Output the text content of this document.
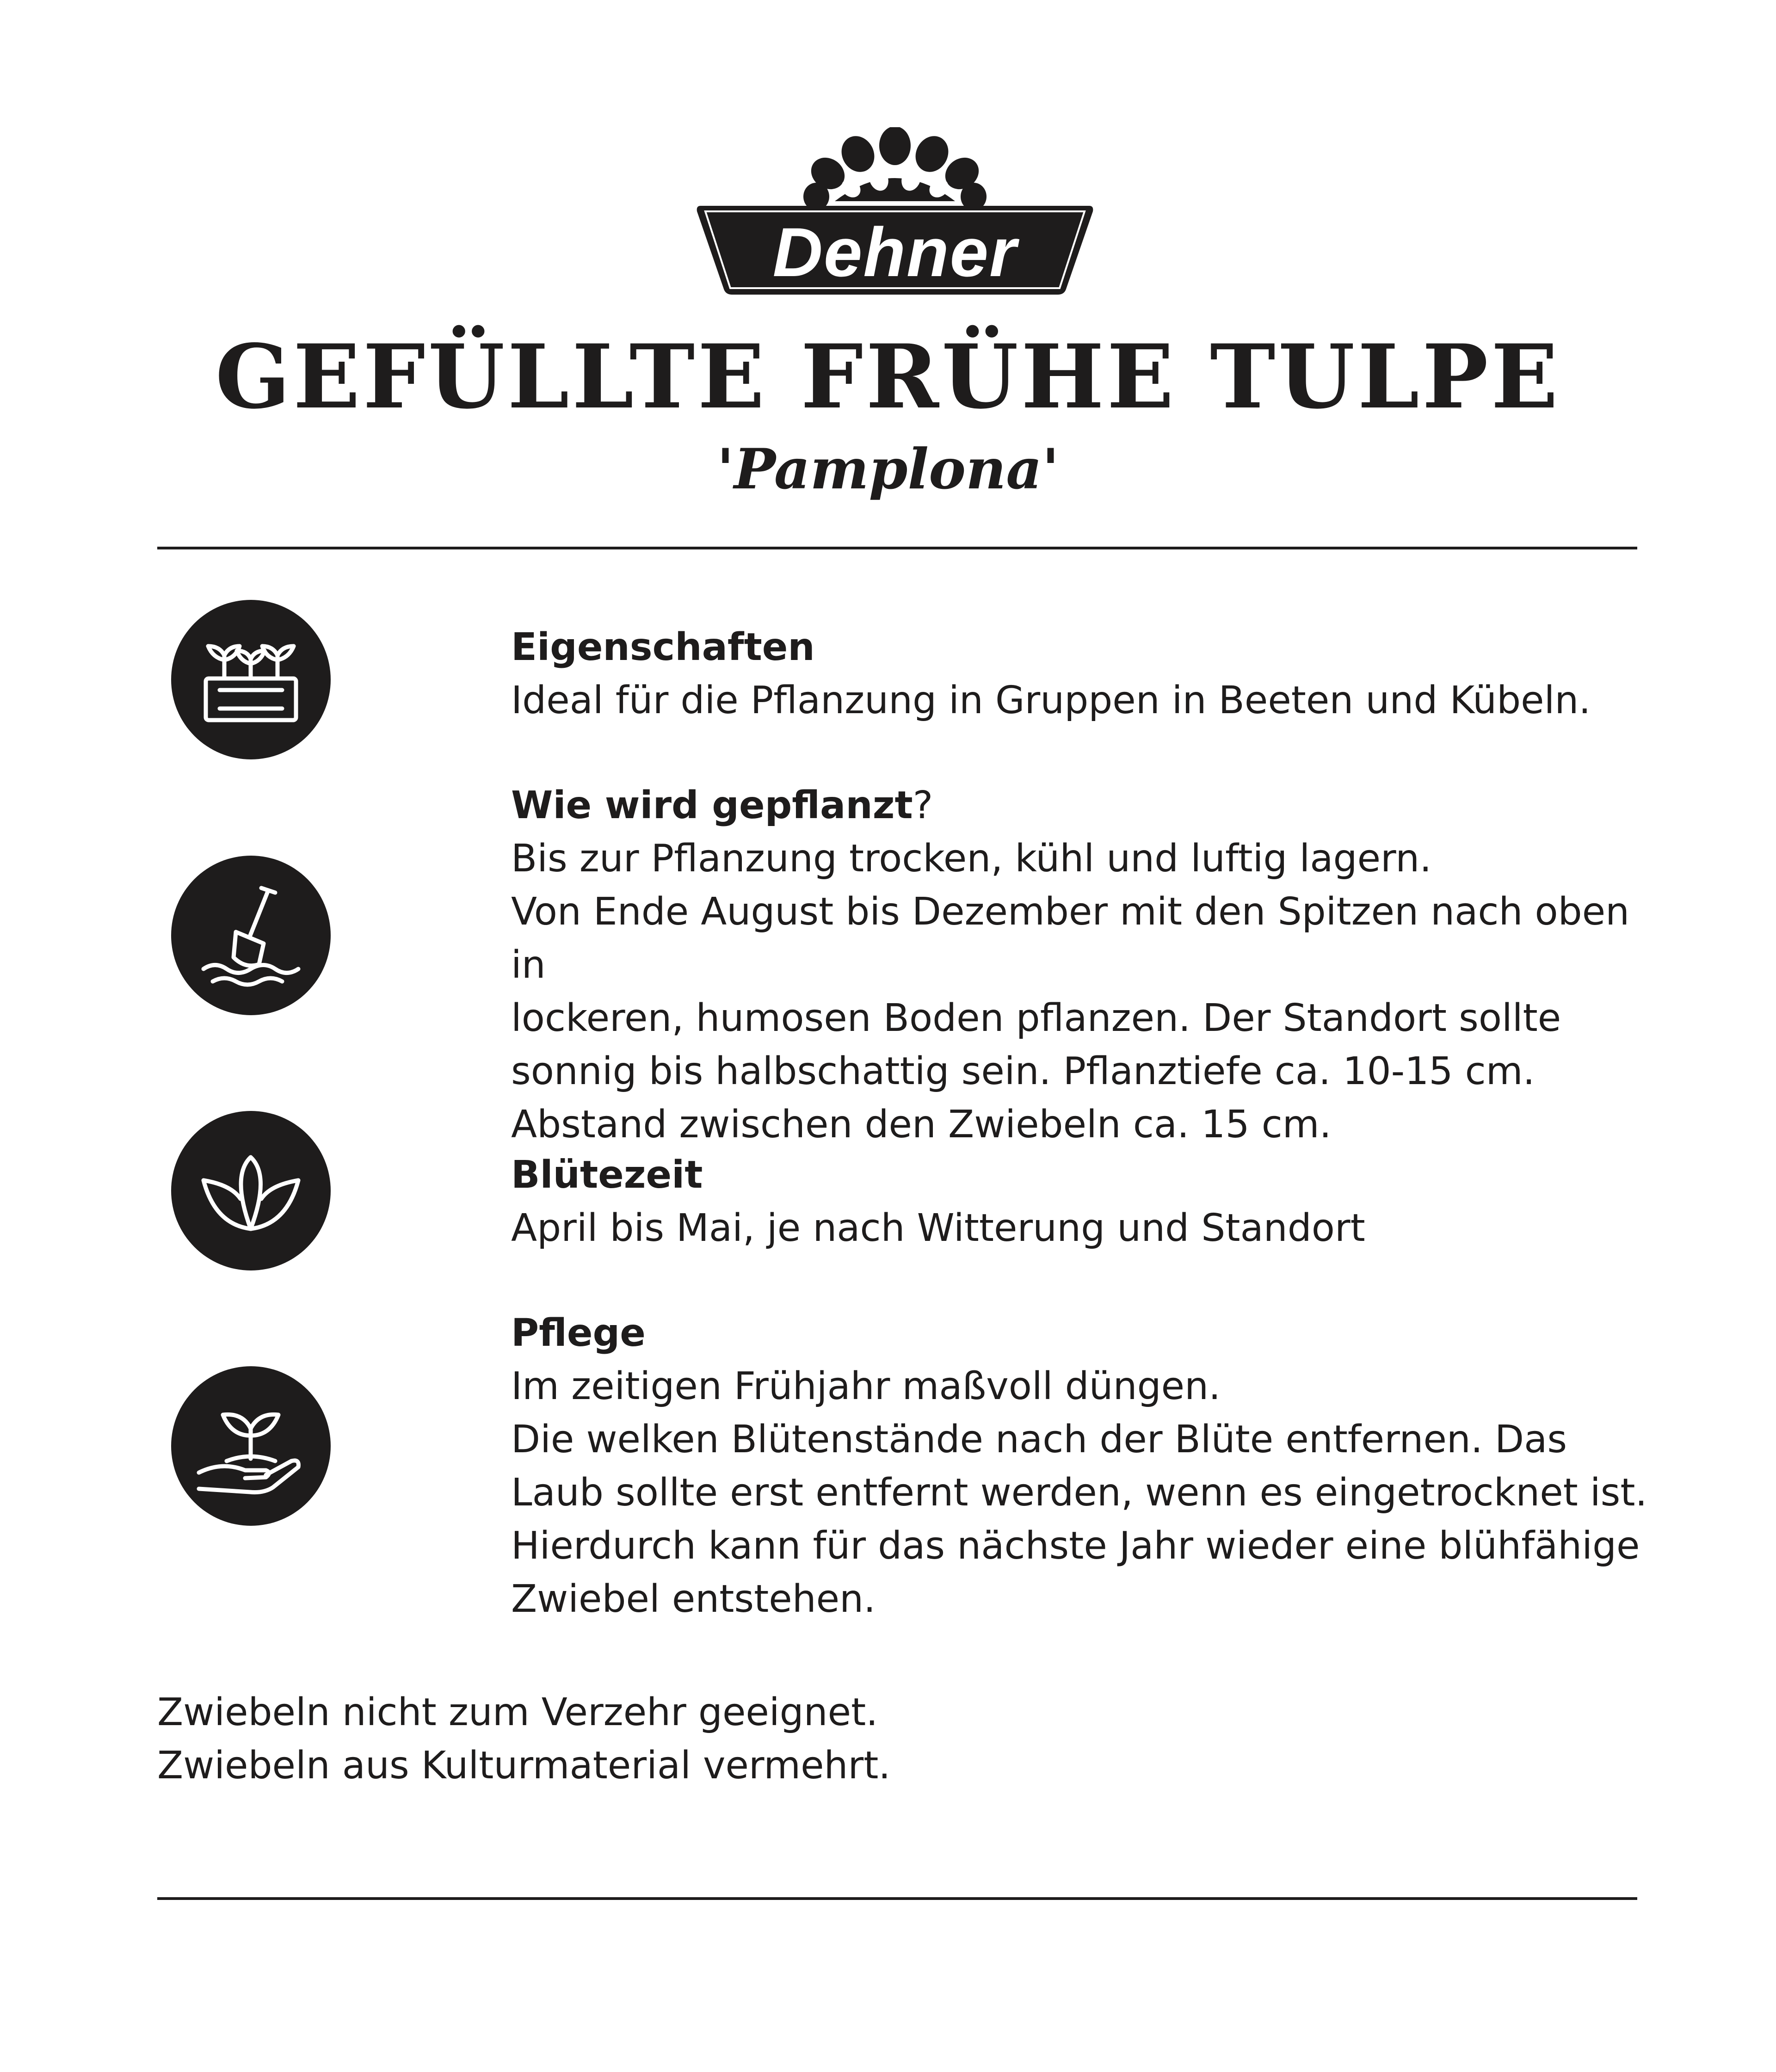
Dehner
GEFÜLLTE FRÜHE TULPE
'Pamplona'
Eigenschaften

Ideal für die Pflanzung in Gruppen in Beeten und Kübeln.

Wie wird gepflanzt?

Bis zur Pflanzung trocken, kühl und luftig lagern.
Von Ende August bis Dezember mit den Spitzen nach oben in
lockeren, humosen Boden pflanzen. Der Standort sollte
sonnig bis halbschattig sein. Pflanztiefe ca. 10-15 cm.
Abstand zwischen den Zwiebeln ca. 15 cm.

Blütezeit

April bis Mai, je nach Witterung und Standort

Pflege

Im zeitigen Frühjahr maßvoll düngen.
Die welken Blütenstände nach der Blüte entfernen. Das
Laub sollte erst entfernt werden, wenn es eingetrocknet ist.
Hierdurch kann für das nächste Jahr wieder eine blühfähige
Zwiebel entstehen.

Zwiebeln nicht zum Verzehr geeignet.

Zwiebeln aus Kulturmaterial vermehrt.
